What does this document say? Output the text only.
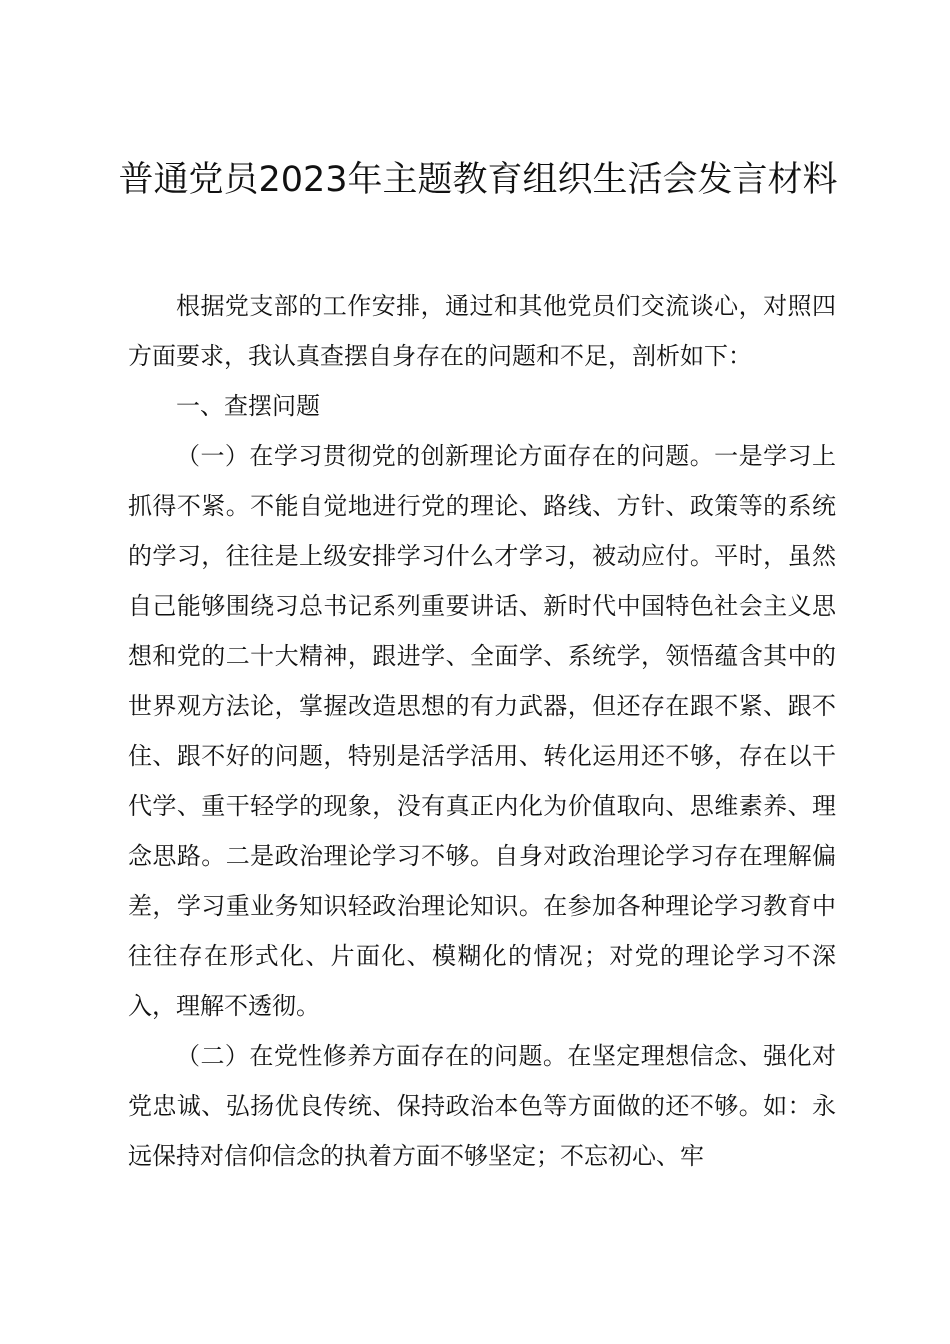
普通党员2023年主题教育组织生活会发言材料

根据党支部的工作安排，通过和其他党员们交流谈心，对照四方面要求，我认真查摆自身存在的问题和不足，剖析如下：

一、查摆问题

（一）在学习贯彻党的创新理论方面存在的问题。一是学习上抓得不紧。不能自觉地进行党的理论、路线、方针、政策等的系统的学习，往往是上级安排学习什么才学习，被动应付。平时，虽然自己能够围绕习总书记系列重要讲话、新时代中国特色社会主义思想和党的二十大精神，跟进学、全面学、系统学，领悟蕴含其中的世界观方法论，掌握改造思想的有力武器，但还存在跟不紧、跟不住、跟不好的问题，特别是活学活用、转化运用还不够，存在以干代学、重干轻学的现象，没有真正内化为价值取向、思维素养、理念思路。二是政治理论学习不够。自身对政治理论学习存在理解偏差，学习重业务知识轻政治理论知识。在参加各种理论学习教育中往往存在形式化、片面化、模糊化的情况；对党的理论学习不深入，理解不透彻。

（二）在党性修养方面存在的问题。在坚定理想信念、强化对党忠诚、弘扬优良传统、保持政治本色等方面做的还不够。如：永远保持对信仰信念的执着方面不够坚定；不忘初心、牢
